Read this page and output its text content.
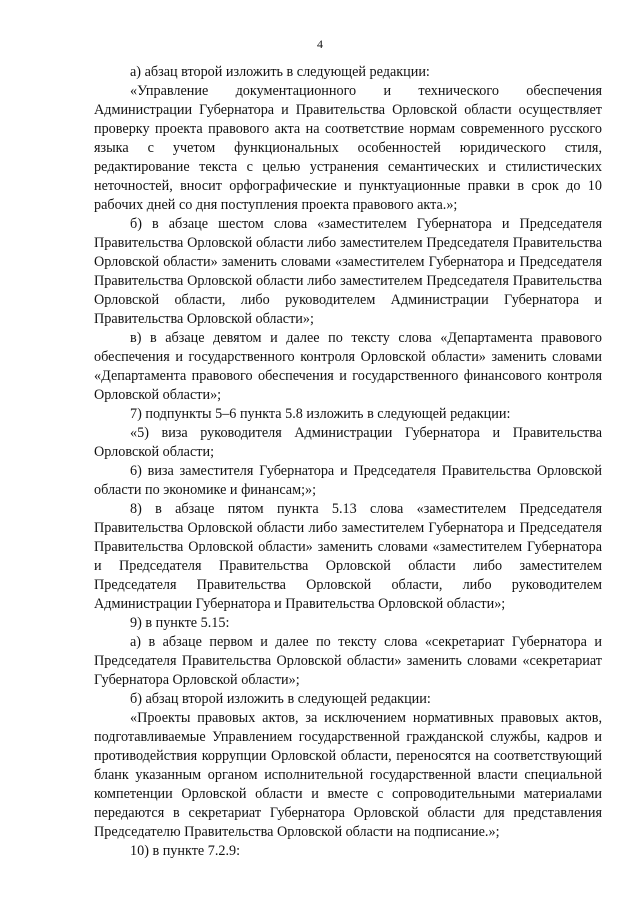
4

а) абзац второй изложить в следующей редакции:

«Управление документационного и технического обеспечения Администрации Губернатора и Правительства Орловской области осуществляет проверку проекта правового акта на соответствие нормам современного русского языка с учетом функциональных особенностей юридического стиля, редактирование текста с целью устранения семантических и стилистических неточностей, вносит орфографические и пунктуационные правки в срок до 10 рабочих дней со дня поступления проекта правового акта.»;

б) в абзаце шестом слова «заместителем Губернатора и Председателя Правительства Орловской области либо заместителем Председателя Правительства Орловской области» заменить словами «заместителем Губернатора и Председателя Правительства Орловской области либо заместителем Председателя Правительства Орловской области, либо руководителем Администрации Губернатора и Правительства Орловской области»;

в) в абзаце девятом и далее по тексту слова «Департамента правового обеспечения и государственного контроля Орловской области» заменить словами «Департамента правового обеспечения и государственного финансового контроля Орловской области»;

7) подпункты 5–6 пункта 5.8 изложить в следующей редакции:

«5) виза руководителя Администрации Губернатора и Правительства Орловской области;

6) виза заместителя Губернатора и Председателя Правительства Орловской области по экономике и финансам;»;

8) в абзаце пятом пункта 5.13 слова «заместителем Председателя Правительства Орловской области либо заместителем Губернатора и Председателя Правительства Орловской области» заменить словами «заместителем Губернатора и Председателя Правительства Орловской области либо заместителем Председателя Правительства Орловской области, либо руководителем Администрации Губернатора и Правительства Орловской области»;

9) в пункте 5.15:

а) в абзаце первом и далее по тексту слова «секретариат Губернатора и Председателя Правительства Орловской области» заменить словами «секретариат Губернатора Орловской области»;

б) абзац второй изложить в следующей редакции:

«Проекты правовых актов, за исключением нормативных правовых актов, подготавливаемые Управлением государственной гражданской службы, кадров и противодействия коррупции Орловской области, переносятся на соответствующий бланк указанным органом исполнительной государственной власти специальной компетенции Орловской области и вместе с сопроводительными материалами передаются в секретариат Губернатора Орловской области для представления Председателю Правительства Орловской области на подписание.»;

10) в пункте 7.2.9:
